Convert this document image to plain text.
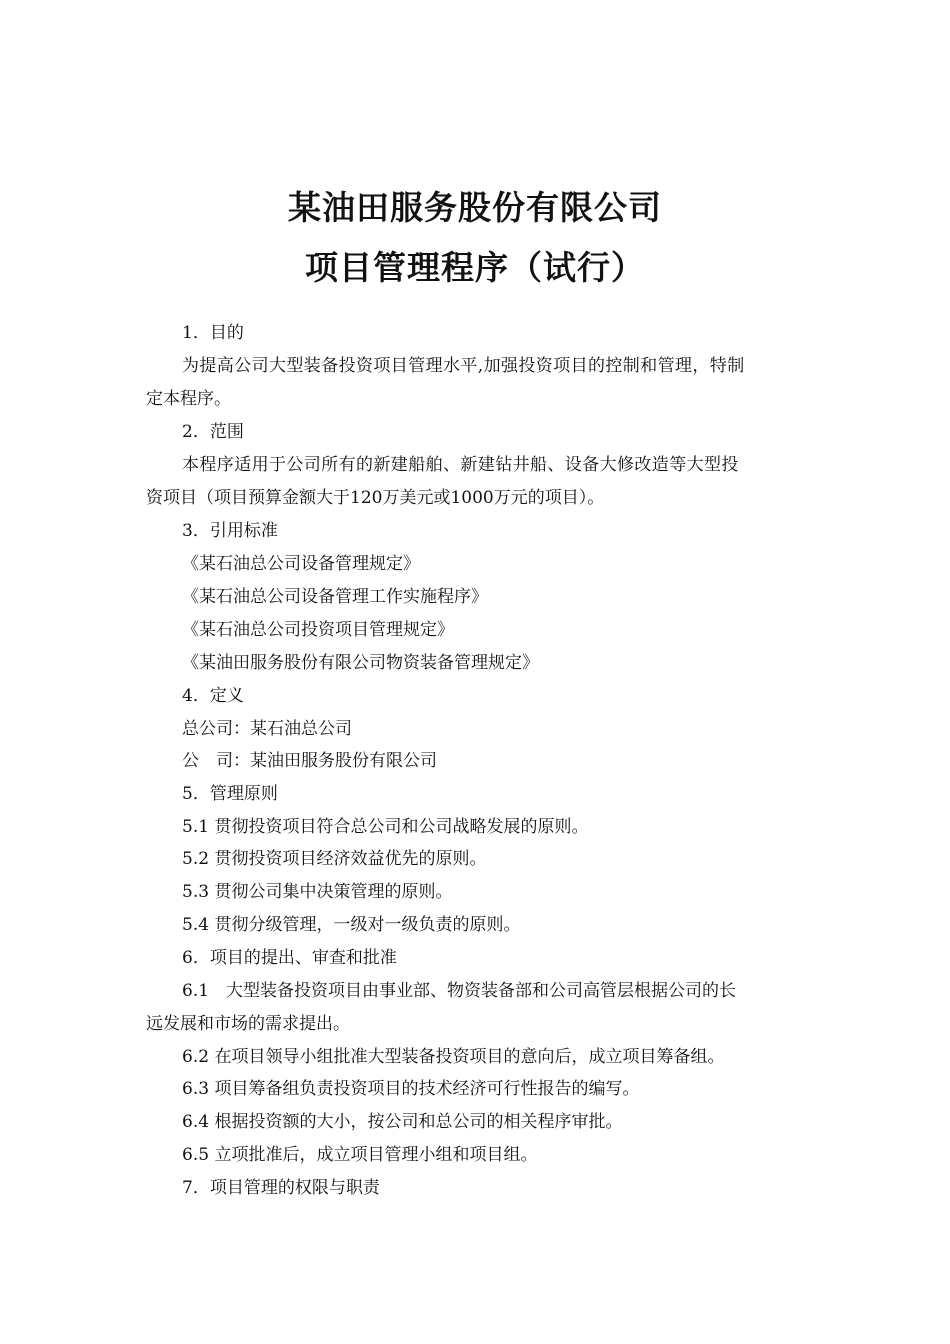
某油田服务股份有限公司
项目管理程序（试行）

1．目的

为提高公司大型装备投资项目管理水平,加强投资项目的控制和管理，特制

定本程序。

2．范围

本程序适用于公司所有的新建船舶、新建钻井船、设备大修改造等大型投

资项目（项目预算金额大于120万美元或1000万元的项目）。

3．引用标准

《某石油总公司设备管理规定》

《某石油总公司设备管理工作实施程序》

《某石油总公司投资项目管理规定》

《某油田服务股份有限公司物资装备管理规定》

4．定义

总公司：某石油总公司

公　司：某油田服务股份有限公司

5．管理原则

5.1 贯彻投资项目符合总公司和公司战略发展的原则。

5.2 贯彻投资项目经济效益优先的原则。

5.3 贯彻公司集中决策管理的原则。

5.4 贯彻分级管理，一级对一级负责的原则。

6．项目的提出、审查和批准

6.1　大型装备投资项目由事业部、物资装备部和公司高管层根据公司的长

远发展和市场的需求提出。

6.2 在项目领导小组批准大型装备投资项目的意向后，成立项目筹备组。

6.3 项目筹备组负责投资项目的技术经济可行性报告的编写。

6.4 根据投资额的大小，按公司和总公司的相关程序审批。

6.5 立项批准后，成立项目管理小组和项目组。

7．项目管理的权限与职责
